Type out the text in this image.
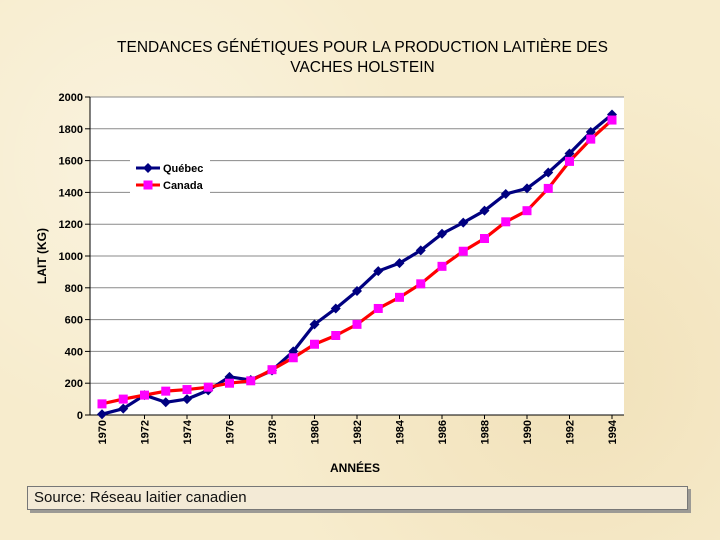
TENDANCES GÉNÉTIQUES POUR LA PRODUCTION LAITIÈRE DES
VACHES HOLSTEIN
0
200
400
600
800
1000
1200
1400
1600
1800
2000
1970	1972	1974	1976	1978	1980	1982	1984	1986	1988	1990	1992	1994
Québec
Canada
ANNÉES
LAIT (KG)
Source: Réseau laitier canadien
